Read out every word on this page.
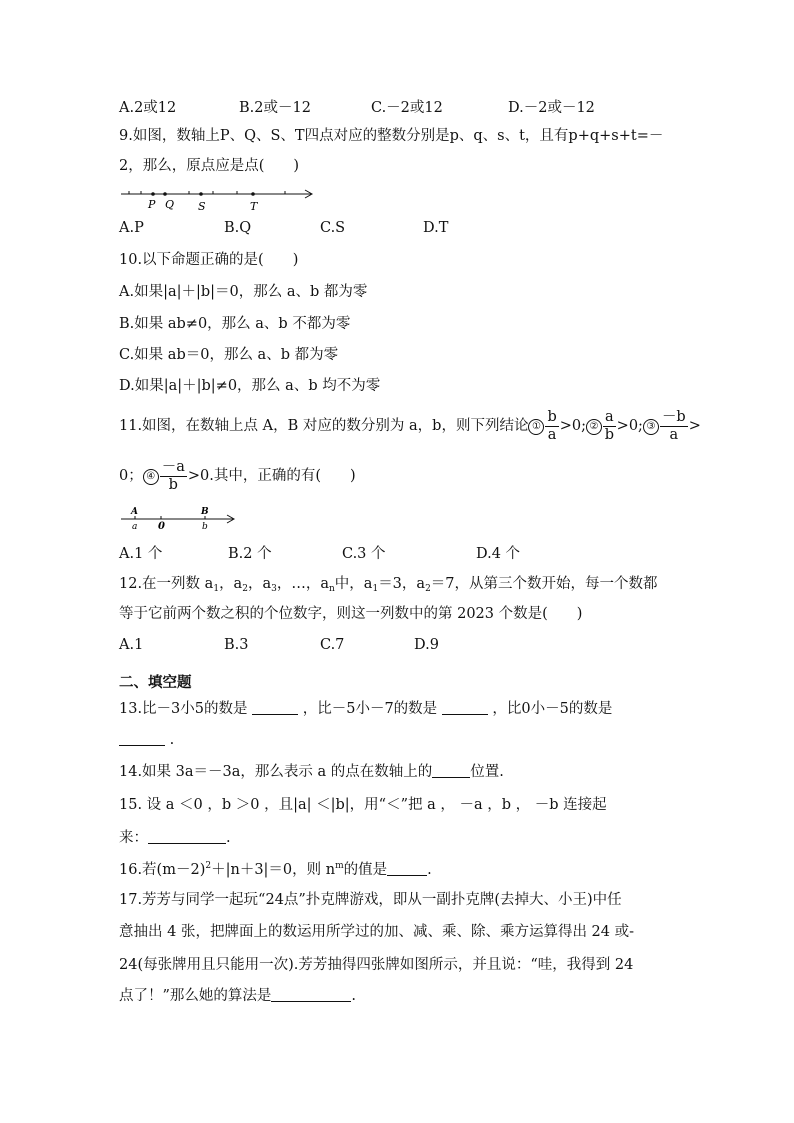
A.2或12	B.2或－12	C.－2或12	D.－2或－12
9.如图，数轴上P、Q、S、T四点对应的整数分别是p、q、s、t，且有p+q+s+t=－
2，那么，原点应是点(　　)
P Q S	T
A.P	B.Q	C.S	D.T
10.以下命题正确的是(　　)
A.如果|a|＋|b|＝0，那么 a、b 都为零
B.如果 ab≠0，那么 a、b 不都为零
C.如果 ab＝0，那么 a、b 都为零
D.如果|a|＋|b|≠0，那么 a、b 均不为零
11.如图，在数轴上点 A，B 对应的数分别为 a，b，则下列结论 ① $\frac{b}{a} >0$; ② $\frac{a}{b} >0$; ③ $\frac{-b}{a}$ >
0； ④ $\frac{-a}{b} >0$.其中，正确的有(　　)
A
a 0
B
b
A.1 个	B.2 个	C.3 个	D.4 个
12.在一列数 $a_1$，$a_2$，$a_3$，…，$a_n$中，$a_1=3$，$a_2=7$，从第三个数开始，每一个数都
等于它前两个数之积的个位数字，则这一列数中的第 2023 个数是(　　)
A.1	B.3	C.7	D.9
二、填空题
13.比－3小5的数是	，比－5小－7的数是	，比0小－5的数是
.
14.如果 3a＝－3a，那么表示 a 的点在数轴上的	位置.
15. 设 a ＜0 ，b ＞0 ，且|a| ＜|b|，用“＜”把 a ， －a ，b ， －b 连接起
来：	.
16.若$(m-2)^2+|n+3|=0$，则 $n^m$的值是	.
17.芳芳与同学一起玩“24点”扑克牌游戏，即从一副扑克牌(去掉大、小王)中任
意抽出 4 张，把牌面上的数运用所学过的加、减、乘、除、乘方运算得出 24 或-
24(每张牌用且只能用一次).芳芳抽得四张牌如图所示，并且说：“哇，我得到 24
点了！”那么她的算法是	.
